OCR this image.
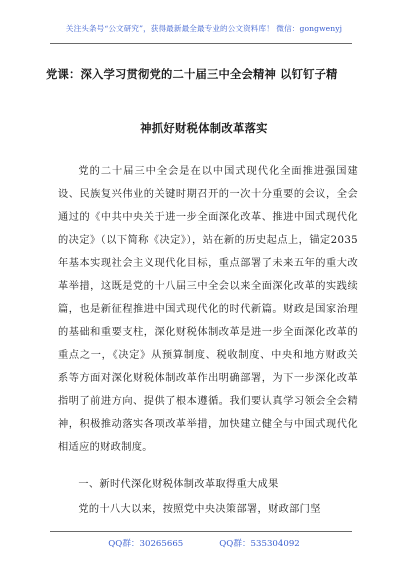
关注头条号“公文研究”，获得最新最全最专业的公文资料库！ 微信：gongwenyj
党课：深入学习贯彻党的二十届三中全会精神 以钉钉子精
神抓好财税体制改革落实

党的二十届三中全会是在以中国式现代化全面推进强国建设、民族复兴伟业的关键时期召开的一次十分重要的会议，全会通过的《中共中央关于进一步全面深化改革、推进中国式现代化的决定》（以下简称《决定》），站在新的历史起点上，锚定2035年基本实现社会主义现代化目标，重点部署了未来五年的重大改革举措，这既是党的十八届三中全会以来全面深化改革的实践续篇，也是新征程推进中国式现代化的时代新篇。财政是国家治理的基础和重要支柱，深化财税体制改革是进一步全面深化改革的重点之一，《决定》从预算制度、税收制度、中央和地方财政关系等方面对深化财税体制改革作出明确部署，为下一步深化改革指明了前进方向、提供了根本遵循。我们要认真学习领会全会精神，积极推动落实各项改革举措，加快建立健全与中国式现代化相适应的财政制度。

一、新时代深化财税体制改革取得重大成果
党的十八大以来，按照党中央决策部署，财政部门坚
QQ群：30265665	QQ群：535304092
